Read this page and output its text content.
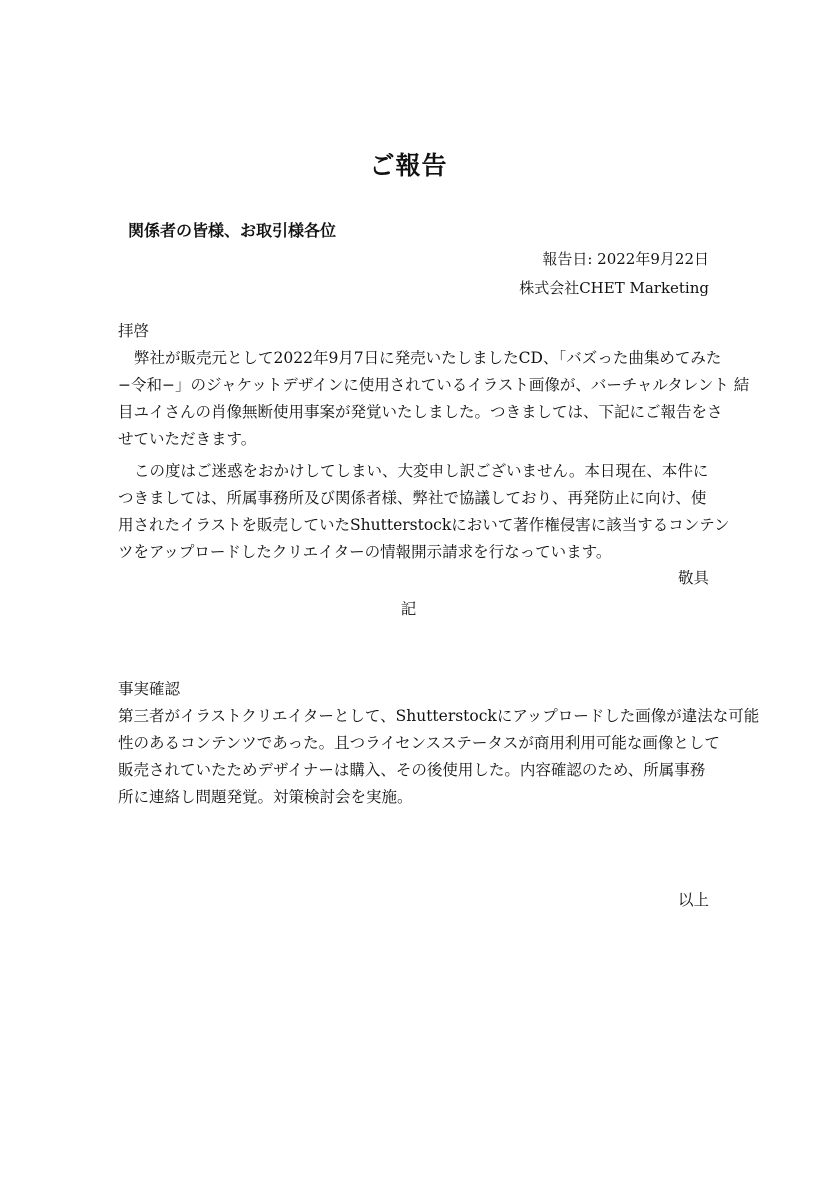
ご報告
関係者の皆様、お取引様各位
報告日: 2022年9月22日
株式会社CHET Marketing
拝啓
弊社が販売元として2022年9月7日に発売いたしましたCD、「バズった曲集めてみた
−令和−」のジャケットデザインに使用されているイラスト画像が、バーチャルタレント 結
目ユイさんの肖像無断使用事案が発覚いたしました。つきましては、下記にご報告をさ
せていただきます。
この度はご迷惑をおかけしてしまい、大変申し訳ございません。本日現在、本件に
つきましては、所属事務所及び関係者様、弊社で協議しており、再発防止に向け、使
用されたイラストを販売していたShutterstockにおいて著作権侵害に該当するコンテン
ツをアップロードしたクリエイターの情報開示請求を行なっています。
敬具
記
事実確認
第三者がイラストクリエイターとして、Shutterstockにアップロードした画像が違法な可能
性のあるコンテンツであった。且つライセンスステータスが商用利用可能な画像として
販売されていたためデザイナーは購入、その後使用した。内容確認のため、所属事務
所に連絡し問題発覚。対策検討会を実施。
以上
